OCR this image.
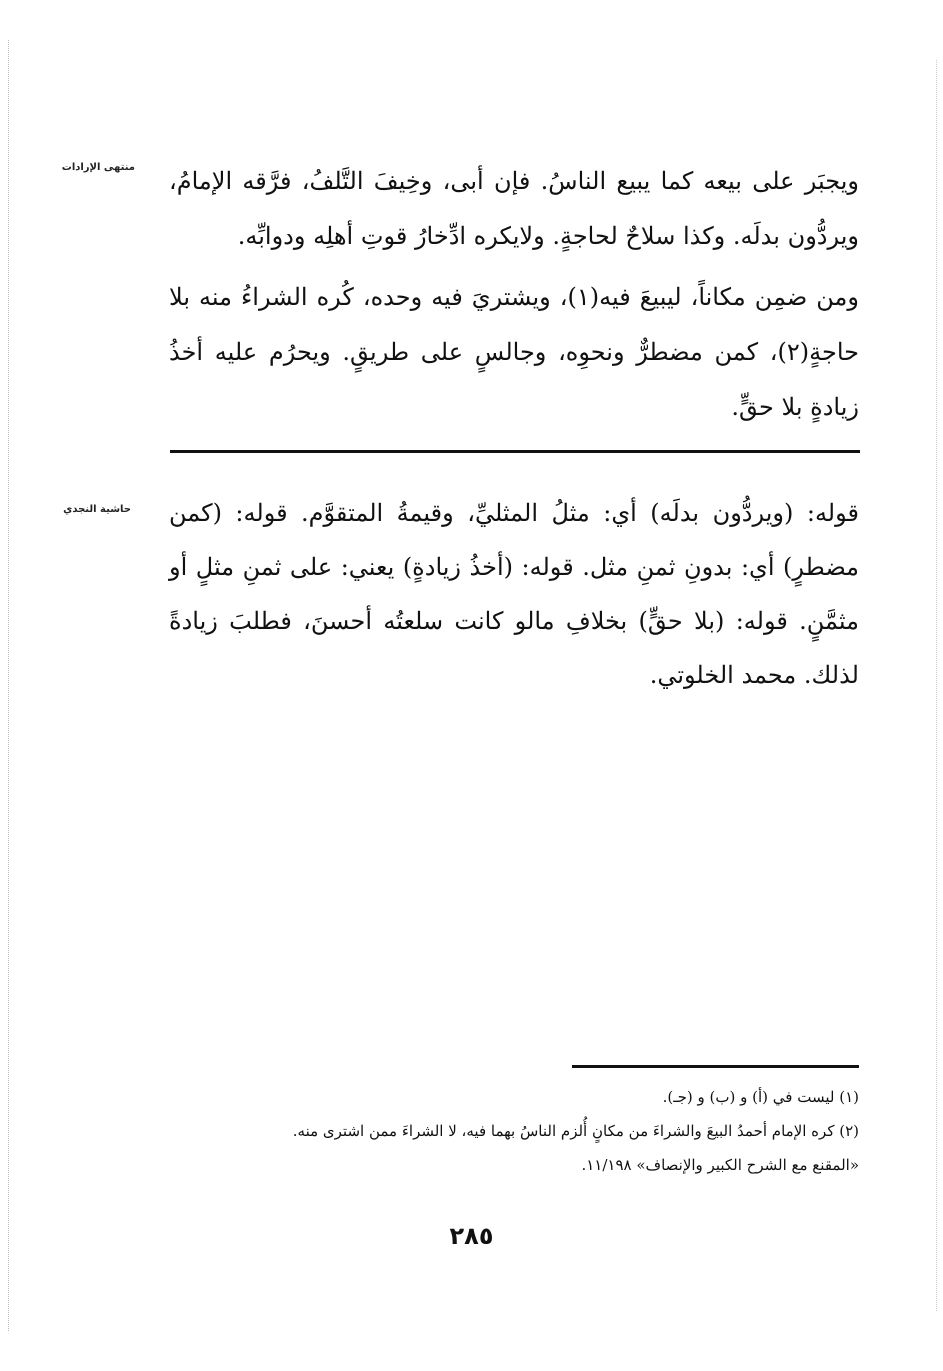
منتهى الإرادات ويجبَر على بيعه كما يبيع الناسُ. فإن أبى، وخِيفَ التَّلفُ، فرَّقه الإمامُ، ويردُّون بدلَه. وكذا سلاحٌ لحاجةٍ. ولايكره ادِّخارُ قوتِ أهلِه ودوابِّه.

ومن ضمِن مكاناً، ليبيعَ فيه(١)، ويشتريَ فيه وحده، كُره الشراءُ منه بلا حاجةٍ(٢)، كمن مضطرٌّ ونحوِه، وجالسٍ على طريقٍ. ويحرُم عليه أخذُ زيادةٍ بلا حقٍّ.

حاشية النجدي قوله: (ويردُّون بدلَه) أي: مثلُ المثليِّ، وقيمةُ المتقوَّم. قوله: (كمن مضطرٍ) أي: بدونِ ثمنِ مثل. قوله: (أخذُ زيادةٍ) يعني: على ثمنِ مثلٍ أو مثمَّنٍ. قوله: (بلا حقٍّ) بخلافِ مالو كانت سلعتُه أحسنَ، فطلبَ زيادةً لذلك. محمد الخلوتي.

(١) ليست في (أ) و (ب) و (جـ).

(٢) كره الإمام أحمدُ البيعَ والشراءَ من مكانٍ أُلزم الناسُ بهما فيه، لا الشراءَ ممن اشترى منه.

«المقنع مع الشرح الكبير والإنصاف» ١١/١٩٨.

٢٨٥
